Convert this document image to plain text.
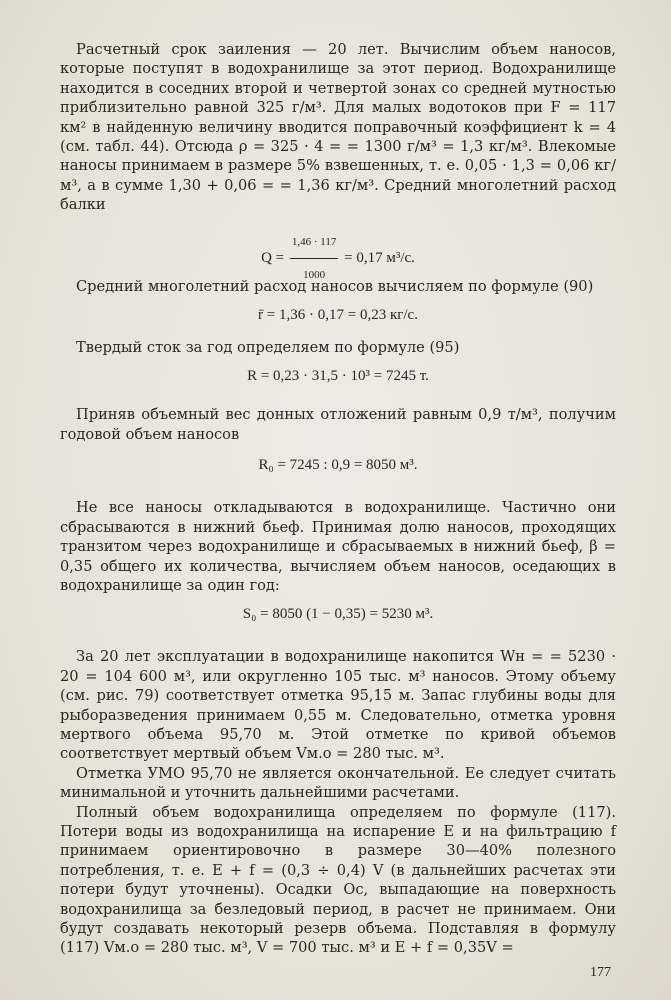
Расчетный срок заиления — 20 лет. Вычислим объем наносов, которые поступят в водохранилище за этот период. Водохранилище находится в соседних второй и четвертой зонах со средней мутностью приблизительно равной 325 г/м³. Для малых водотоков при F = 117 км² в найденную величину вводится поправочный коэффициент k = 4 (см. табл. 44). Отсюда ρ = 325 · 4 = = 1300 г/м³ = 1,3 кг/м³. Влекомые наносы принимаем в размере 5% взвешенных, т. е. 0,05 · 1,3 = 0,06 кг/м³, а в сумме 1,30 + 0,06 = = 1,36 кг/м³. Средний многолетний расход балки

$Q = \frac{1,46 \cdot 117}{1000} = 0,17$ м³/с.

Средний многолетний расход наносов вычисляем по формуле (90)

r̄ = 1,36 · 0,17 = 0,23 кг/с.

Твердый сток за год определяем по формуле (95)

R = 0,23 · 31,5 · 10³ = 7245 т.

Приняв объемный вес донных отложений равным 0,9 т/м³, получим годовой объем наносов

R₀ = 7245 : 0,9 = 8050 м³.

Не все наносы откладываются в водохранилище. Частично они сбрасываются в нижний бьеф. Принимая долю наносов, проходящих транзитом через водохранилище и сбрасываемых в нижний бьеф, β = 0,35 общего их количества, вычисляем объем наносов, оседающих в водохранилище за один год:

S₀ = 8050 (1 − 0,35) = 5230 м³.

За 20 лет эксплуатации в водохранилище накопится Wн = = 5230 · 20 = 104 600 м³, или округленно 105 тыс. м³ наносов. Этому объему (см. рис. 79) соответствует отметка 95,15 м. Запас глубины воды для рыборазведения принимаем 0,55 м. Следовательно, отметка уровня мертвого объема 95,70 м. Этой отметке по кривой объемов соответствует мертвый объем Vм.о = 280 тыс. м³.

Отметка УМО 95,70 не является окончательной. Ее следует считать минимальной и уточнить дальнейшими расчетами.

Полный объем водохранилища определяем по формуле (117). Потери воды из водохранилища на испарение E и на фильтрацию f принимаем ориентировочно в размере 30—40% полезного потребления, т. е. E + f = (0,3 ÷ 0,4) V (в дальнейших расчетах эти потери будут уточнены). Осадки Oc, выпадающие на поверхность водохранилища за безледовый период, в расчет не принимаем. Они будут создавать некоторый резерв объема. Подставляя в формулу (117) Vм.о = 280 тыс. м³, V = 700 тыс. м³ и E + f = 0,35V =

177
